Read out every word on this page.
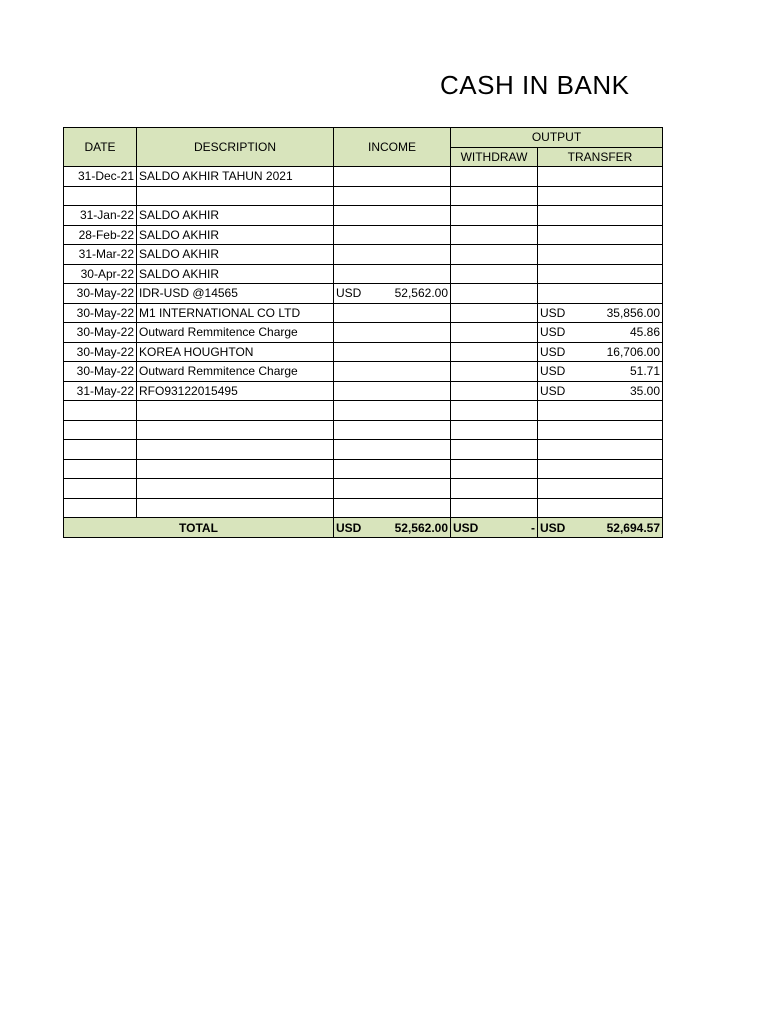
CASH IN BANK
DATE	DESCRIPTION	INCOME	OUTPUT	
			WITHDRAW	TRANSFER
31-Dec-21	SALDO AKHIR TAHUN 2021	

31-Jan-22	SALDO AKHIR	

28-Feb-22	SALDO AKHIR	

31-Mar-22	SALDO AKHIR	

30-Apr-22	SALDO AKHIR	

30-May-22	IDR-USD @14565	USD 52,562.00		

30-May-22	M1 INTERNATIONAL CO LTD			USD 35,856.00

30-May-22	Outward Remmitence Charge			USD 45.86

30-May-22	KOREA HOUGHTON			USD 16,706.00

30-May-22	Outward Remmitence Charge			USD 51.71

31-May-22	RFO93122015495			USD 35.00

TOTAL		USD 52,562.00	USD -	USD 52,694.57
